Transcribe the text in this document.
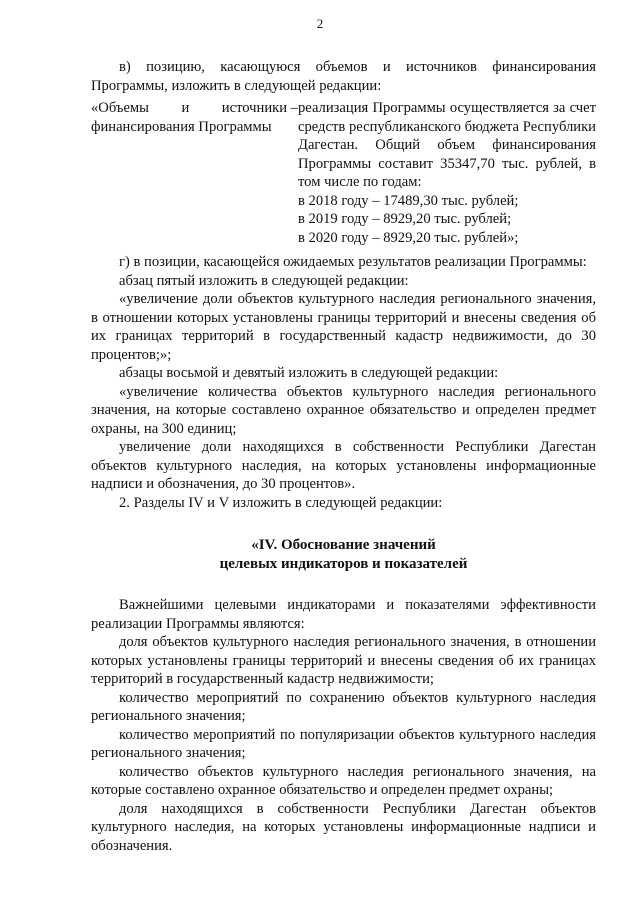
2

в) позицию, касающуюся объемов и источников финансирования Программы, изложить в следующей редакции:

«Объемы и источники –
финансирования Программы

реализация Программы осуществляется за счет средств республиканского бюджета Республики Дагестан. Общий объем финансирования Программы составит 35347,70 тыс. рублей, в том числе по годам:

в 2018 году – 17489,30 тыс. рублей;

в 2019 году – 8929,20 тыс. рублей;

в 2020 году – 8929,20 тыс. рублей»;

г) в позиции, касающейся ожидаемых результатов реализации Программы:

абзац пятый изложить в следующей редакции:

«увеличение доли объектов культурного наследия регионального значения, в отношении которых установлены границы территорий и внесены сведения об их границах территорий в государственный кадастр недвижимости, до 30 процентов;»;

абзацы восьмой и девятый изложить в следующей редакции:

«увеличение количества объектов культурного наследия регионального значения, на которые составлено охранное обязательство и определен предмет охраны, на 300 единиц;

увеличение доли находящихся в собственности Республики Дагестан объектов культурного наследия, на которых установлены информационные надписи и обозначения, до 30 процентов».

2. Разделы IV и V изложить в следующей редакции:

«IV. Обоснование значений
целевых индикаторов и показателей

Важнейшими целевыми индикаторами и показателями эффективности реализации Программы являются:

доля объектов культурного наследия регионального значения, в отношении которых установлены границы территорий и внесены сведения об их границах территорий в государственный кадастр недвижимости;

количество мероприятий по сохранению объектов культурного наследия регионального значения;

количество мероприятий по популяризации объектов культурного наследия регионального значения;

количество объектов культурного наследия регионального значения, на которые составлено охранное обязательство и определен предмет охраны;

доля находящихся в собственности Республики Дагестан объектов культурного наследия, на которых установлены информационные надписи и обозначения.
